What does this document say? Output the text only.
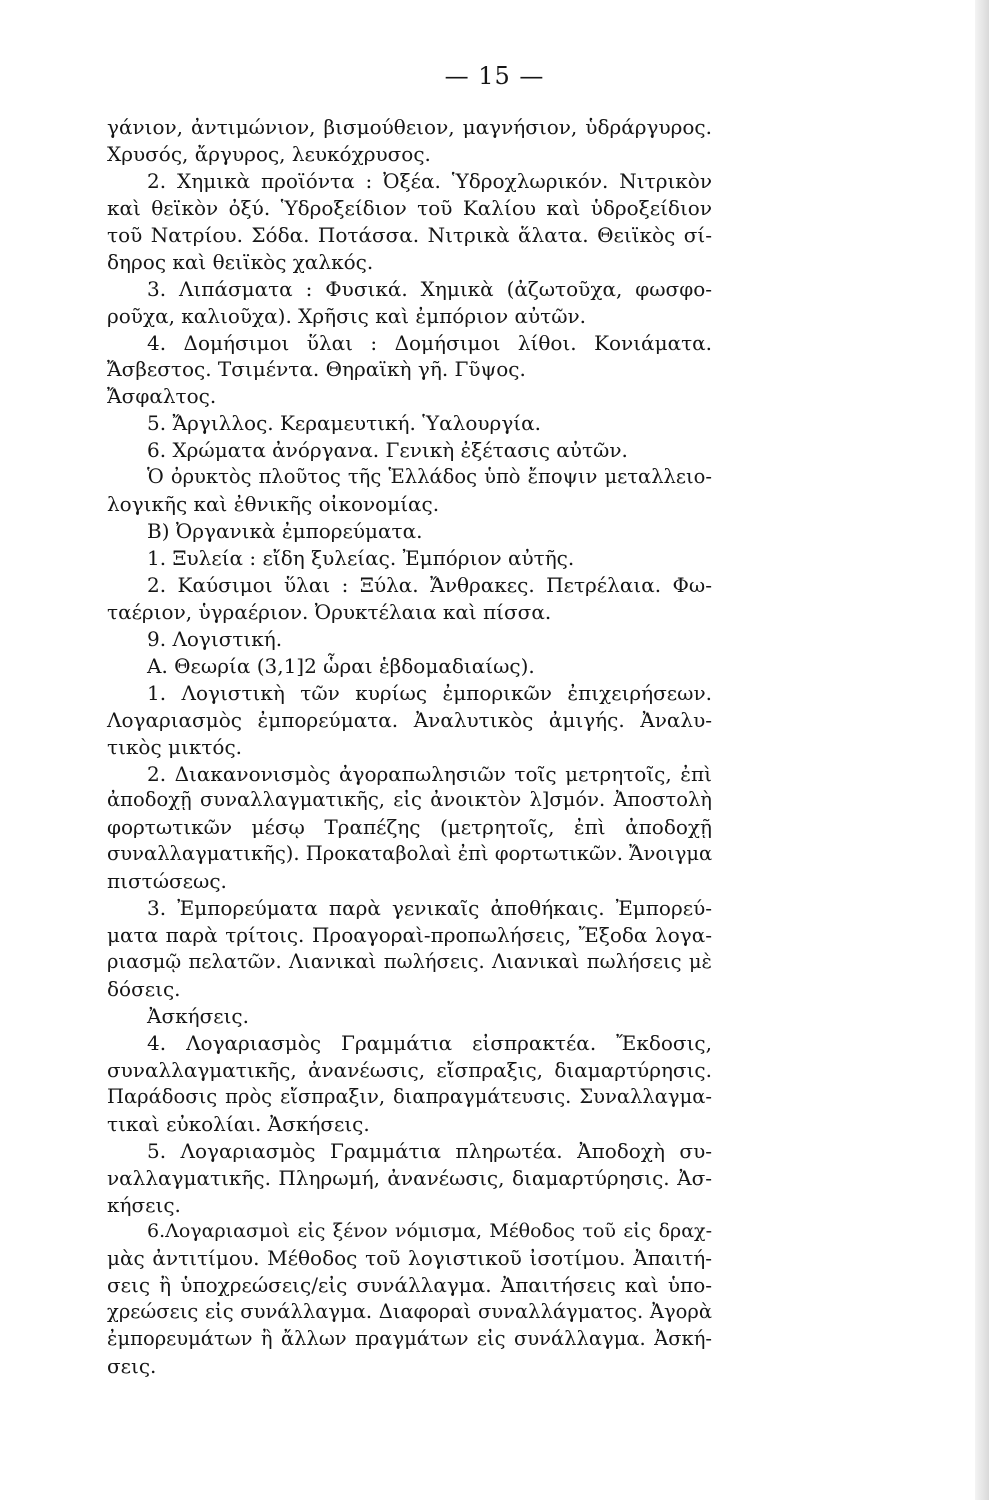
— 15 —
γάνιον, ἀντιμώνιον, βισμούθειον, μαγνήσιον, ὑδράργυρος.
Χρυσός, ἄργυρος, λευκόχρυσος.
2. Χημικὰ προϊόντα : Ὀξέα. Ὑδροχλωρικόν. Νιτρικὸν
καὶ θεϊκὸν ὀξύ. Ὑδροξείδιον τοῦ Καλίου καὶ ὑδροξείδιον
τοῦ Νατρίου. Σόδα. Ποτάσσα. Νιτρικὰ ἅλατα. Θειϊκὸς σί-
δηρος καὶ θειϊκὸς χαλκός.
3. Λιπάσματα : Φυσικά. Χημικὰ (ἀζωτοῦχα, φωσφο-
ροῦχα, καλιοῦχα). Χρῆσις καὶ ἐμπόριον αὐτῶν.
4. Δομήσιμοι ὕλαι : Δομήσιμοι λίθοι. Κονιάματα.
Ἄσβεστος. Τσιμέντα. Θηραϊκὴ γῆ. Γῦψος.
Ἄσφαλτος.
5. Ἄργιλλος. Κεραμευτική. Ὑαλουργία.
6. Χρώματα ἀνόργανα. Γενικὴ ἐξέτασις αὐτῶν.
Ὁ ὀρυκτὸς πλοῦτος τῆς Ἑλλάδος ὑπὸ ἔποψιν μεταλλειο-
λογικῆς καὶ ἐθνικῆς οἰκονομίας.
Β) Ὀργανικὰ ἐμπορεύματα.
1. Ξυλεία : εἴδη ξυλείας. Ἐμπόριον αὐτῆς.
2. Καύσιμοι ὕλαι : Ξύλα. Ἄνθρακες. Πετρέλαια. Φω-
ταέριον, ὑγραέριον. Ὀρυκτέλαια καὶ πίσσα.
9. Λογιστική.
Α. Θεωρία (3,1]2 ὧραι ἑβδομαδιαίως).
1. Λογιστικὴ τῶν κυρίως ἐμπορικῶν ἐπιχειρήσεων.
Λογαριασμὸς ἐμπορεύματα. Ἀναλυτικὸς ἀμιγής. Ἀναλυ-
τικὸς μικτός.
2. Διακανονισμὸς ἀγοραπωλησιῶν τοῖς μετρητοῖς, ἐπὶ
ἀποδοχῇ συναλλαγματικῆς, εἰς ἀνοικτὸν λ]σμόν. Ἀποστολὴ
φορτωτικῶν μέσῳ Τραπέζης (μετρητοῖς, ἐπὶ ἀποδοχῇ
συναλλαγματικῆς). Προκαταβολαὶ ἐπὶ φορτωτικῶν. Ἄνοιγμα
πιστώσεως.
3. Ἐμπορεύματα παρὰ γενικαῖς ἀποθήκαις. Ἐμπορεύ-
ματα παρὰ τρίτοις. Προαγοραὶ-προπωλήσεις, Ἔξοδα λογα-
ριασμῷ πελατῶν. Λιανικαὶ πωλήσεις. Λιανικαὶ πωλήσεις μὲ
δόσεις.
Ἀσκήσεις.
4. Λογαριασμὸς Γραμμάτια εἰσπρακτέα. Ἔκδοσις,
συναλλαγματικῆς, ἀνανέωσις, εἴσπραξις, διαμαρτύρησις.
Παράδοσις πρὸς εἴσπραξιν, διαπραγμάτευσις. Συναλλαγμα-
τικαὶ εὐκολίαι. Ἀσκήσεις.
5. Λογαριασμὸς Γραμμάτια πληρωτέα. Ἀποδοχὴ συ-
ναλλαγματικῆς. Πληρωμή, ἀνανέωσις, διαμαρτύρησις. Ἀσ-
κήσεις.
6.Λογαριασμοὶ εἰς ξένον νόμισμα, Μέθοδος τοῦ εἰς δραχ-
μὰς ἀντιτίμου. Μέθοδος τοῦ λογιστικοῦ ἰσοτίμου. Ἀπαιτή-
σεις ἢ ὑποχρεώσεις/εἰς συνάλλαγμα. Ἀπαιτήσεις καὶ ὑπο-
χρεώσεις εἰς συνάλλαγμα. Διαφοραὶ συναλλάγματος. Ἀγορὰ
ἐμπορευμάτων ἢ ἄλλων πραγμάτων εἰς συνάλλαγμα. Ἀσκή-
σεις.
